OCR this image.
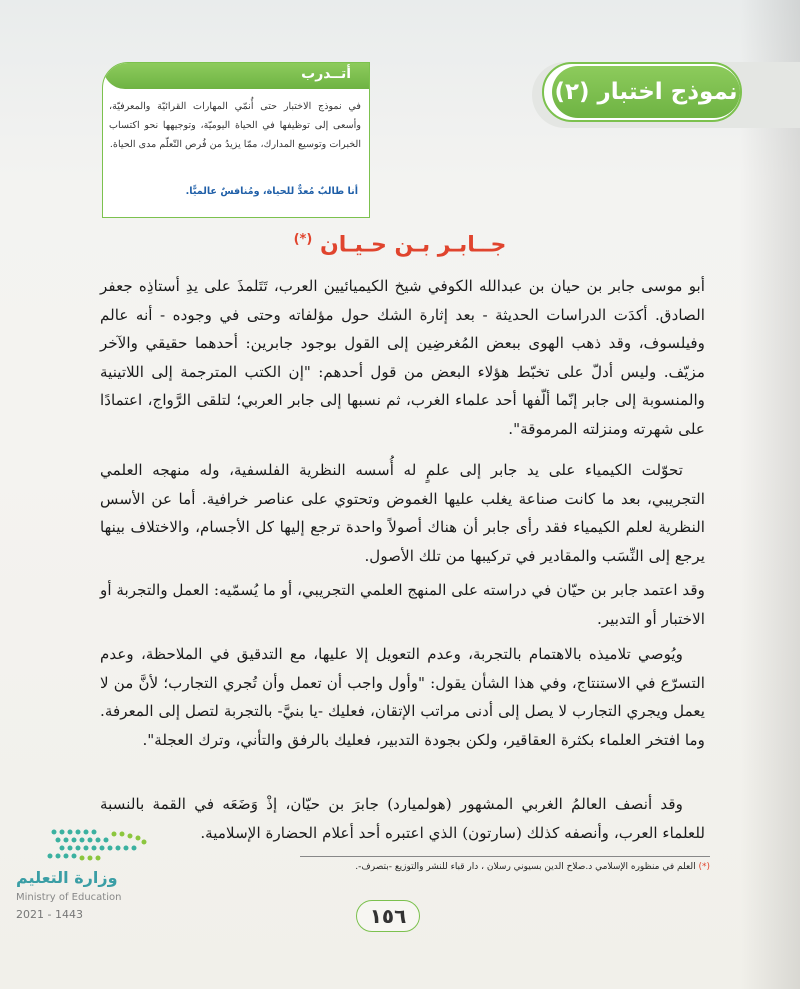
نموذج اختبار (٢)
أتــدرب
في نموذج الاختبار حتى أُنمّي المهارات القرائيّة والمعرفيّة، وأسعى إلى توظيفها في الحياة اليوميّة، وتوجيهها نحو اكتساب الخبرات وتوسيع المدارك، ممّا يزيدُ من فُرص التّعلّم مدى الحياة.
أنا طالبٌ مُعدٌّ للحياة، ومُنافسٌ عالميًّا.
جــابـر بـن حـيـان (*)
أبو موسى جابر بن حيان بن عبدالله الكوفي شيخ الكيميائيين العرب، تَتَلمذَ على يدِ أستاذِه جعفر الصادق. أكدَت الدراسات الحديثة - بعد إثارة الشك حول مؤلفاته وحتى في وجوده - أنه عالم وفيلسوف، وقد ذهب الهوى ببعض المُغرضِين إلى القول بوجود جابرين: أحدهما حقيقي والآخر مزيّف. وليس أدلّ على تخبّط هؤلاء البعض من قول أحدهم: "إن الكتب المترجمة إلى اللاتينية والمنسوبة إلى جابر إنّما ألّفها أحد علماء الغرب، ثم نسبها إلى جابر العربي؛ لتلقى الرَّواج، اعتمادًا على شهرته ومنزلته المرموقة".
تحوّلت الكيمياء على يد جابر إلى علمٍ له أُسسه النظرية الفلسفية، وله منهجه العلمي التجريبي، بعد ما كانت صناعة يغلب عليها الغموض وتحتوي على عناصر خرافية. أما عن الأسس النظرية لعلم الكيمياء فقد رأى جابر أن هناك أصولاً واحدة ترجع إليها كل الأجسام، والاختلاف بينها يرجع إلى النِّسَب والمقادير في تركيبها من تلك الأصول.
وقد اعتمد جابر بن حيّان في دراسته على المنهج العلمي التجريبي، أو ما يُسمّيه: العمل والتجربة أو الاختبار أو التدبير.
ويُوصي تلاميذه بالاهتمام بالتجربة، وعدم التعويل إلا عليها، مع التدقيق في الملاحظة، وعدم التسرّع في الاستنتاج، وفي هذا الشأن يقول: "وأول واجب أن تعمل وأن تُجري التجارب؛ لأنَّ من لا يعمل ويجري التجارب لا يصل إلى أدنى مراتب الإتقان، فعليك -يا بنيَّ- بالتجربة لتصل إلى المعرفة. وما افتخر العلماء بكثرة العقاقير، ولكن بجودة التدبير، فعليك بالرفق والتأني، وترك العجلة".
وقد أنصف العالمُ الغربي المشهور (هولميارد) جابرَ بن حيّان، إذْ وَضَعَه في القمة بالنسبة للعلماء العرب، وأنصفه كذلك (سارتون) الذي اعتبره أحد أعلام الحضارة الإسلامية.
(*) العلم في منظوره الإسلامي د.صلاح الدين بسيوني رسلان ، دار قباء للنشر والتوزيع -بتصرف-.
١٥٦
وزارة التعليم
Ministry of Education
2021 - 1443
